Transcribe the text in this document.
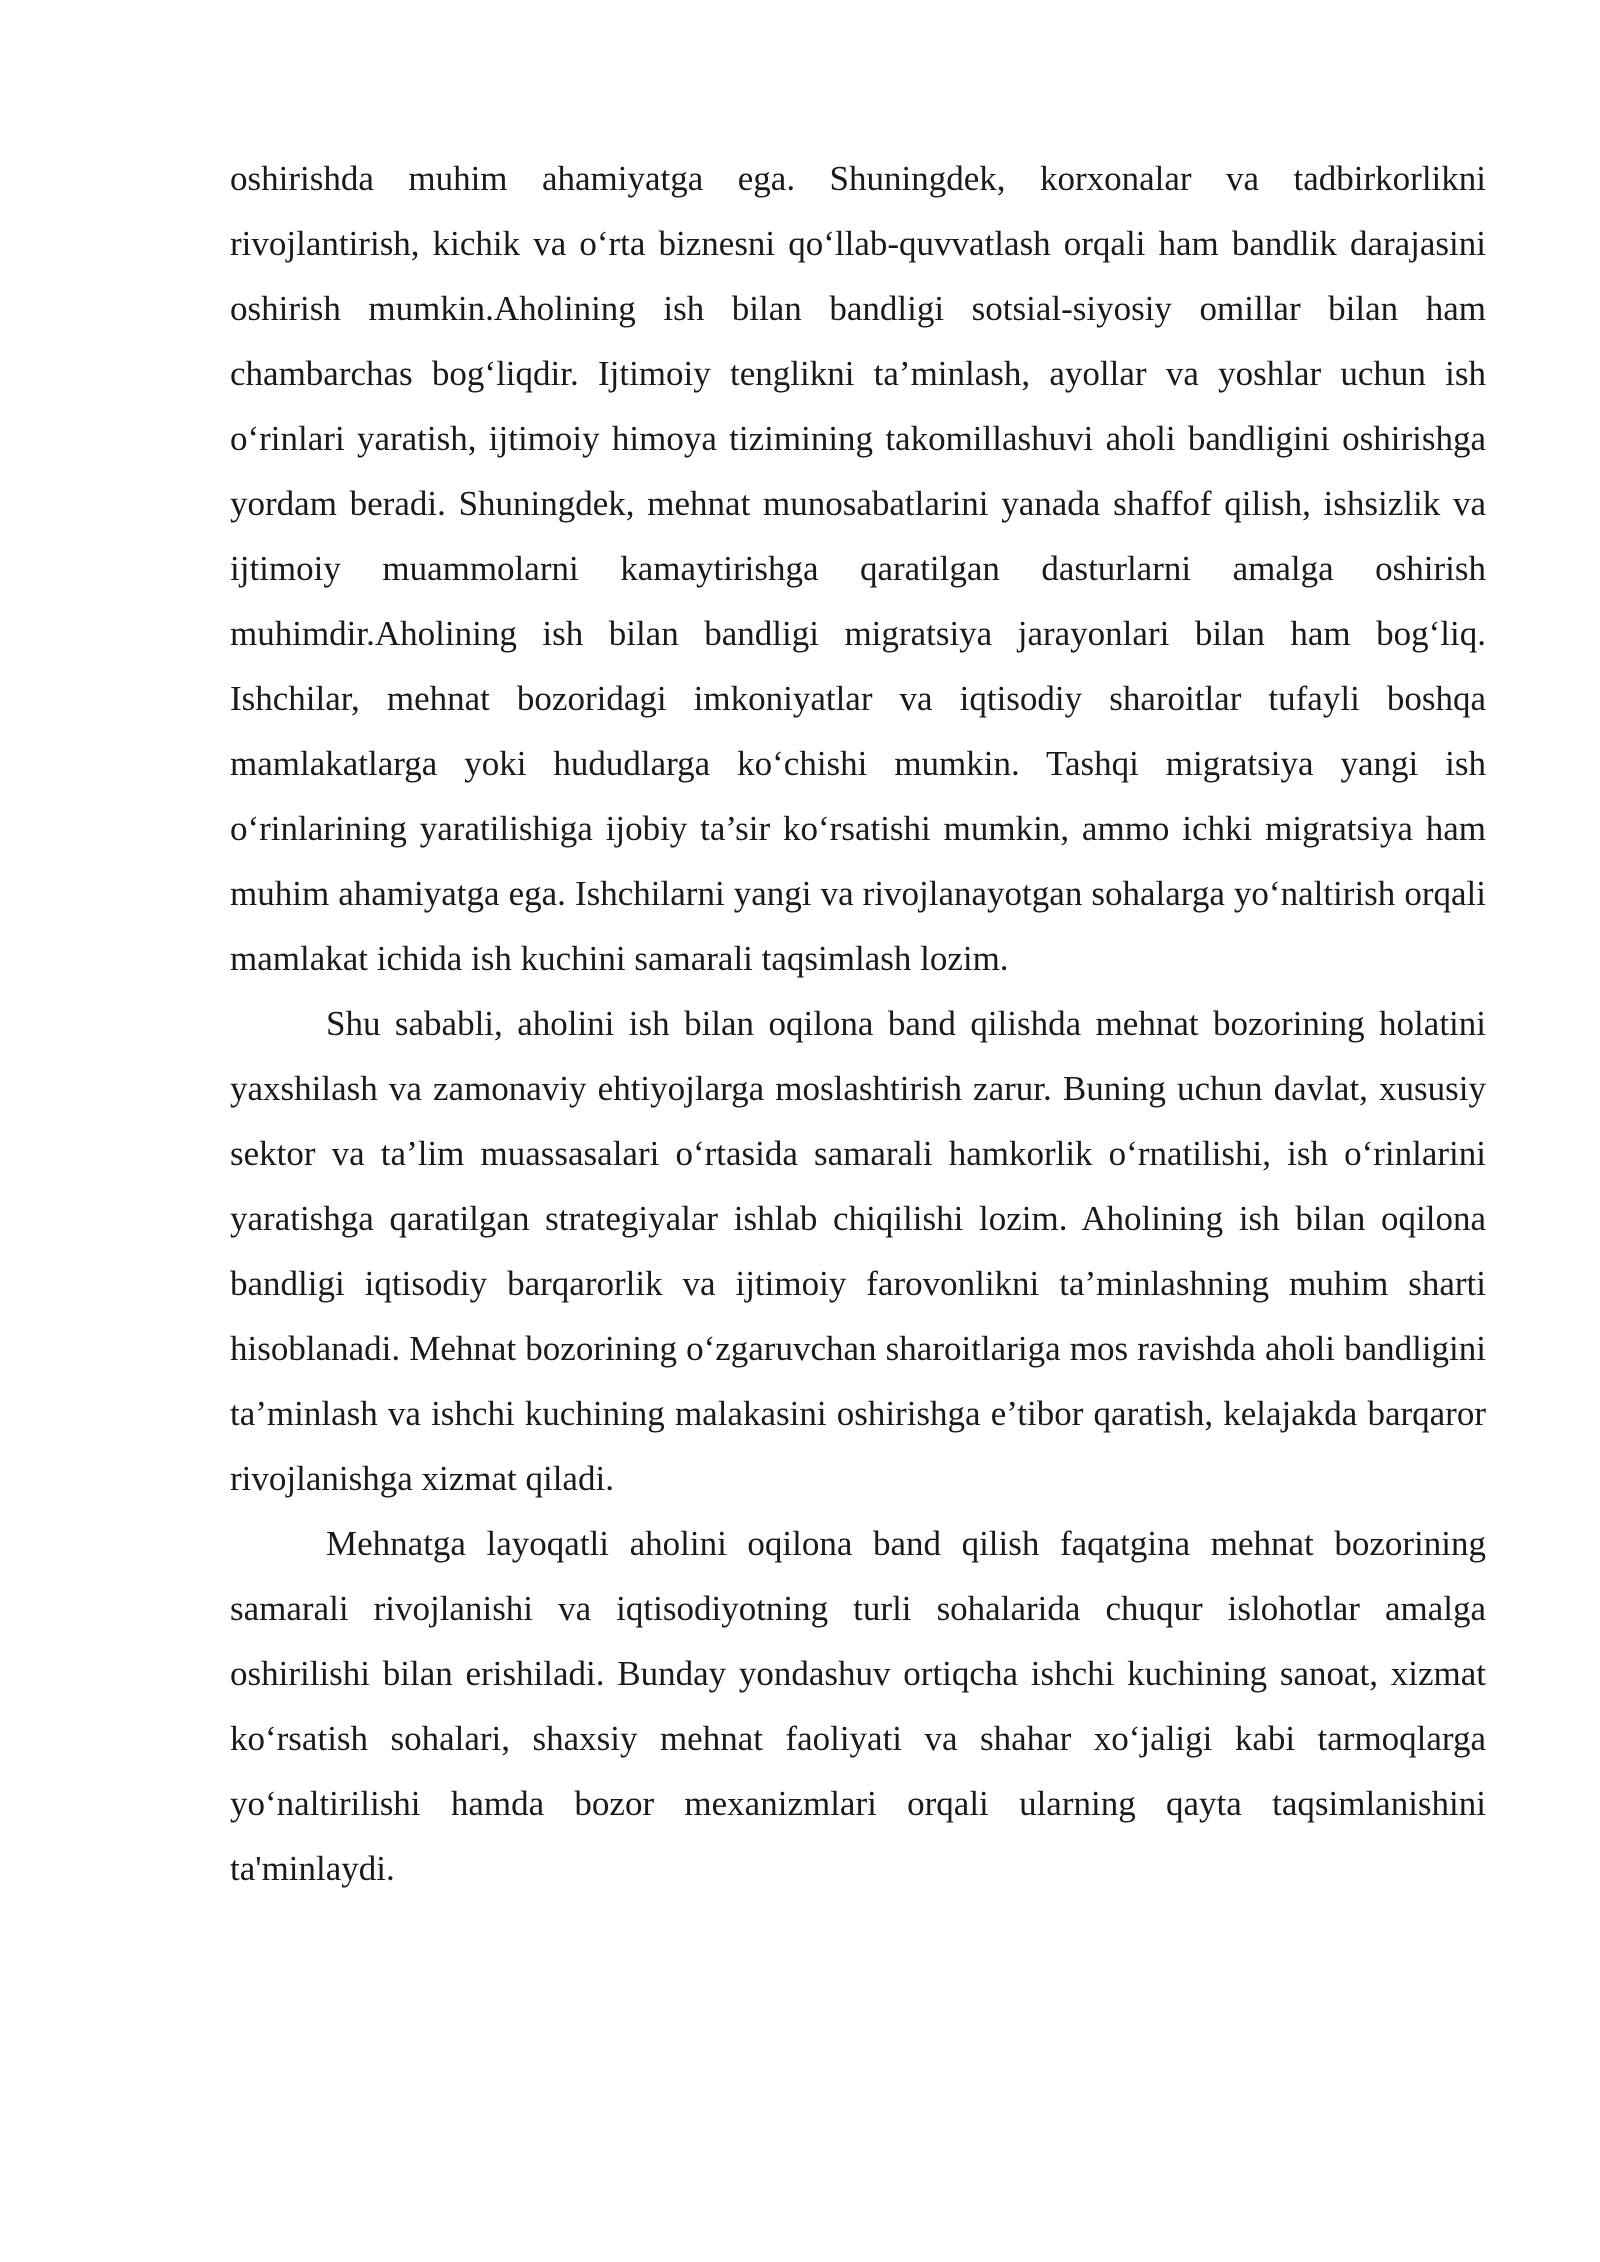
oshirishda muhim ahamiyatga ega. Shuningdek, korxonalar va tadbirkorlikni rivojlantirish, kichik va o‘rta biznesni qo‘llab-quvvatlash orqali ham bandlik darajasini oshirish mumkin.Aholining ish bilan bandligi sotsial-siyosiy omillar bilan ham chambarchas bog‘liqdir. Ijtimoiy tenglikni ta’minlash, ayollar va yoshlar uchun ish o‘rinlari yaratish, ijtimoiy himoya tizimining takomillashuvi aholi bandligini oshirishga yordam beradi. Shuningdek, mehnat munosabatlarini yanada shaffof qilish, ishsizlik va ijtimoiy muammolarni kamaytirishga qaratilgan dasturlarni amalga oshirish muhimdir.Aholining ish bilan bandligi migratsiya jarayonlari bilan ham bog‘liq. Ishchilar, mehnat bozoridagi imkoniyatlar va iqtisodiy sharoitlar tufayli boshqa mamlakatlarga yoki hududlarga ko‘chishi mumkin. Tashqi migratsiya yangi ish o‘rinlarining yaratilishiga ijobiy ta’sir ko‘rsatishi mumkin, ammo ichki migratsiya ham muhim ahamiyatga ega. Ishchilarni yangi va rivojlanayotgan sohalarga yo‘naltirish orqali mamlakat ichida ish kuchini samarali taqsimlash lozim.

Shu sababli, aholini ish bilan oqilona band qilishda mehnat bozorining holatini yaxshilash va zamonaviy ehtiyojlarga moslashtirish zarur. Buning uchun davlat, xususiy sektor va ta’lim muassasalari o‘rtasida samarali hamkorlik o‘rnatilishi, ish o‘rinlarini yaratishga qaratilgan strategiyalar ishlab chiqilishi lozim. Aholining ish bilan oqilona bandligi iqtisodiy barqarorlik va ijtimoiy farovonlikni ta’minlashning muhim sharti hisoblanadi. Mehnat bozorining o‘zgaruvchan sharoitlariga mos ravishda aholi bandligini ta’minlash va ishchi kuchining malakasini oshirishga e’tibor qaratish, kelajakda barqaror rivojlanishga xizmat qiladi.

Mehnatga layoqatli aholini oqilona band qilish faqatgina mehnat bozorining samarali rivojlanishi va iqtisodiyotning turli sohalarida chuqur islohotlar amalga oshirilishi bilan erishiladi. Bunday yondashuv ortiqcha ishchi kuchining sanoat, xizmat ko‘rsatish sohalari, shaxsiy mehnat faoliyati va shahar xo‘jaligi kabi tarmoqlarga yo‘naltirilishi hamda bozor mexanizmlari orqali ularning qayta taqsimlanishini ta'minlaydi.
